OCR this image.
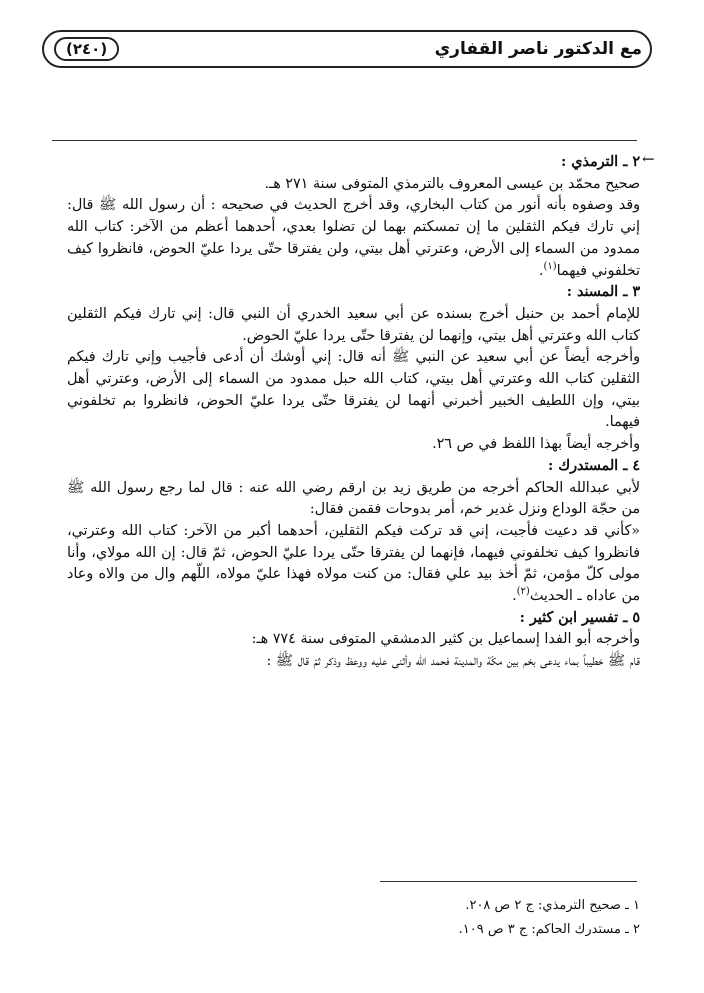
مع الدكتور ناصر القفاري
(٢٤٠)
←

٢ ـ الترمذي :

صحيح محمّد بن عيسى المعروف بالترمذي المتوفى سنة ٢٧١ هـ.

وقد وصفوه بأنه أنور من كتاب البخاري، وقد أخرج الحديث في صحيحه : أن رسول الله ﷺ قال: إني تارك فيكم الثقلين ما إن تمسكتم بهما لن تضلوا بعدي، أحدهما أعظم من الآخر: كتاب الله ممدود من السماء إلى الأرض، وعترتي أهل بيتي، ولن يفترقا حتّى يردا عليّ الحوض، فانظروا كيف تخلفوني فيهما$^{(١)}$.

٣ ـ المسند :

للإمام أحمد بن حنبل أخرج بسنده عن أبي سعيد الخدري أن النبي قال: إني تارك فيكم الثقلين كتاب الله وعترتي أهل بيتي، وإنهما لن يفترقا حتّى يردا عليّ الحوض.

وأخرجه أيضاً عن أبي سعيد عن النبي ﷺ أنه قال: إني أوشك أن أدعى فأجيب وإني تارك فيكم الثقلين كتاب الله وعترتي أهل بيتي، كتاب الله حبل ممدود من السماء إلى الأرض، وعترتي أهل بيتي، وإن اللطيف الخبير أخبرني أنهما لن يفترقا حتّى يردا عليّ الحوض، فانظروا بم تخلفوني فيهما.

وأخرجه أيضاً بهذا اللفظ في ص ٢٦.

٤ ـ المستدرك :

لأبي عبدالله الحاكم أخرجه من طريق زيد بن ارقم رضي الله عنه : قال لما رجع رسول الله ﷺ من حجّة الوداع ونزل غدير خم، أمر بدوحات فقمن فقال:

«كأني قد دعيت فأجبت، إني قد تركت فيكم الثقلين، أحدهما أكبر من الآخر: كتاب الله وعترتي، فانظروا كيف تخلفوني فيهما، فإنهما لن يفترقا حتّى يردا عليّ الحوض، ثمّ قال: إن الله مولاي، وأنا مولى كلّ مؤمن، ثمّ أخذ بيد علي فقال: من كنت مولاه فهذا عليّ مولاه، اللّهم وال من والاه وعاد من عاداه ـ الحديث$^{(٢)}$.

٥ ـ تفسير ابن كثير :

وأخرجه أبو الفدا إسماعيل بن كثير الدمشقي المتوفى سنة ٧٧٤ هـ:

قام ﷺ خطيباً بماء يدعى بخم بين مكّة والمدينة فحمد الله وأثنى عليه ووعظ وذكر ثمّ قال ﷺ :

١ ـ صحيح الترمذي: ج ٢ ص ٢٠٨.

٢ ـ مستدرك الحاكم: ج ٣ ص ١٠٩.
